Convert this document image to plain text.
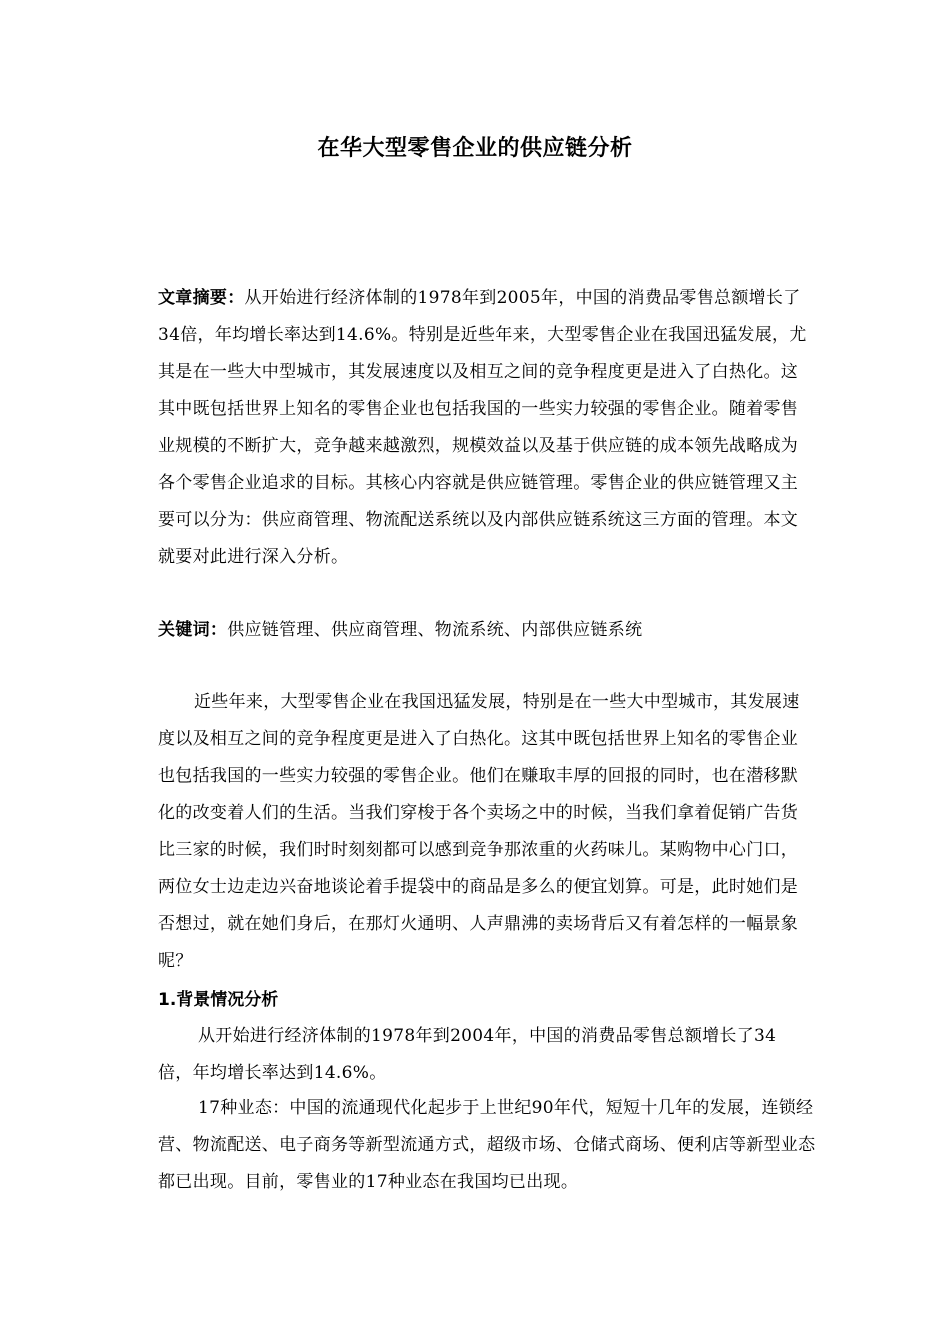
在华大型零售企业的供应链分析

文章摘要：从开始进行经济体制的1978年到2005年，中国的消费品零售总额增长了34倍，年均增长率达到14.6%。特别是近些年来，大型零售企业在我国迅猛发展，尤其是在一些大中型城市，其发展速度以及相互之间的竞争程度更是进入了白热化。这其中既包括世界上知名的零售企业也包括我国的一些实力较强的零售企业。随着零售业规模的不断扩大，竞争越来越激烈，规模效益以及基于供应链的成本领先战略成为各个零售企业追求的目标。其核心内容就是供应链管理。零售企业的供应链管理又主要可以分为：供应商管理、物流配送系统以及内部供应链系统这三方面的管理。本文就要对此进行深入分析。

关键词：供应链管理、供应商管理、物流系统、内部供应链系统

近些年来，大型零售企业在我国迅猛发展，特别是在一些大中型城市，其发展速度以及相互之间的竞争程度更是进入了白热化。这其中既包括世界上知名的零售企业也包括我国的一些实力较强的零售企业。他们在赚取丰厚的回报的同时，也在潜移默化的改变着人们的生活。当我们穿梭于各个卖场之中的时候，当我们拿着促销广告货比三家的时候，我们时时刻刻都可以感到竞争那浓重的火药味儿。某购物中心门口，两位女士边走边兴奋地谈论着手提袋中的商品是多么的便宜划算。可是，此时她们是否想过，就在她们身后，在那灯火通明、人声鼎沸的卖场背后又有着怎样的一幅景象呢？

1.背景情况分析

从开始进行经济体制的1978年到2004年，中国的消费品零售总额增长了34倍，年均增长率达到14.6%。

17种业态：中国的流通现代化起步于上世纪90年代，短短十几年的发展，连锁经营、物流配送、电子商务等新型流通方式，超级市场、仓储式商场、便利店等新型业态都已出现。目前，零售业的17种业态在我国均已出现。
